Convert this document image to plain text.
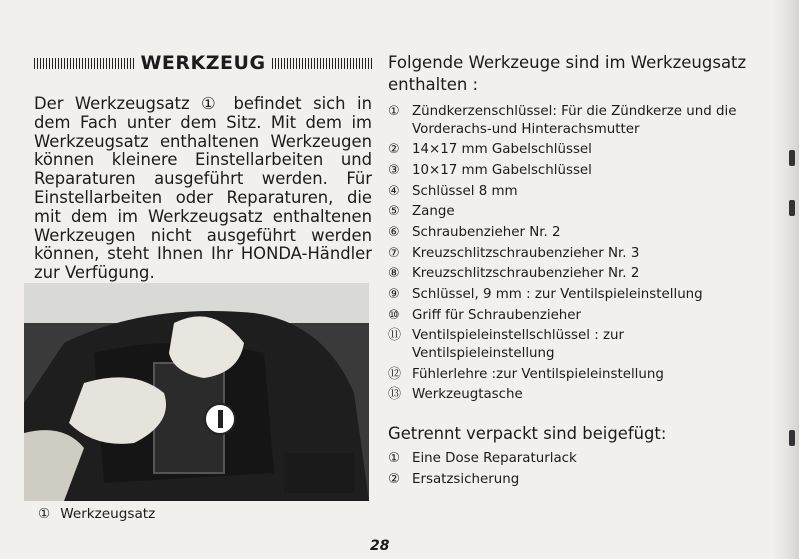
WERKZEUG

Der Werkzeugsatz ① befindet sich in dem Fach unter dem Sitz. Mit dem im Werkzeugsatz enthaltenen Werkzeugen können kleinere Einstellarbeiten und Reparaturen ausgeführt werden. Für Einstellarbeiten oder Reparaturen, die mit dem im Werkzeugsatz enthaltenen Werkzeugen nicht ausgeführt werden können, steht Ihnen Ihr HONDA-Händler zur Verfügung.

① Werkzeugsatz
Folgende Werkzeuge sind im Werkzeugsatz enthalten :
① Zündkerzenschlüssel: Für die Zündkerze und die Vorderachs-und Hinterachsmutter
② 14×17 mm Gabelschlüssel
③ 10×17 mm Gabelschlüssel
④ Schlüssel 8 mm
⑤ Zange
⑥ Schraubenzieher Nr. 2
⑦ Kreuzschlitzschraubenzieher Nr. 3
⑧ Kreuzschlitzschraubenzieher Nr. 2
⑨ Schlüssel, 9 mm : zur Ventilspieleinstellung
⑩ Griff für Schraubenzieher
⑪ Ventilspieleinstellschlüssel : zur Ventilspieleinstellung
⑫ Fühlerlehre :zur Ventilspieleinstellung
⑬ Werkzeugtasche
Getrennt verpackt sind beigefügt:
① Eine Dose Reparaturlack
② Ersatzsicherung
28
